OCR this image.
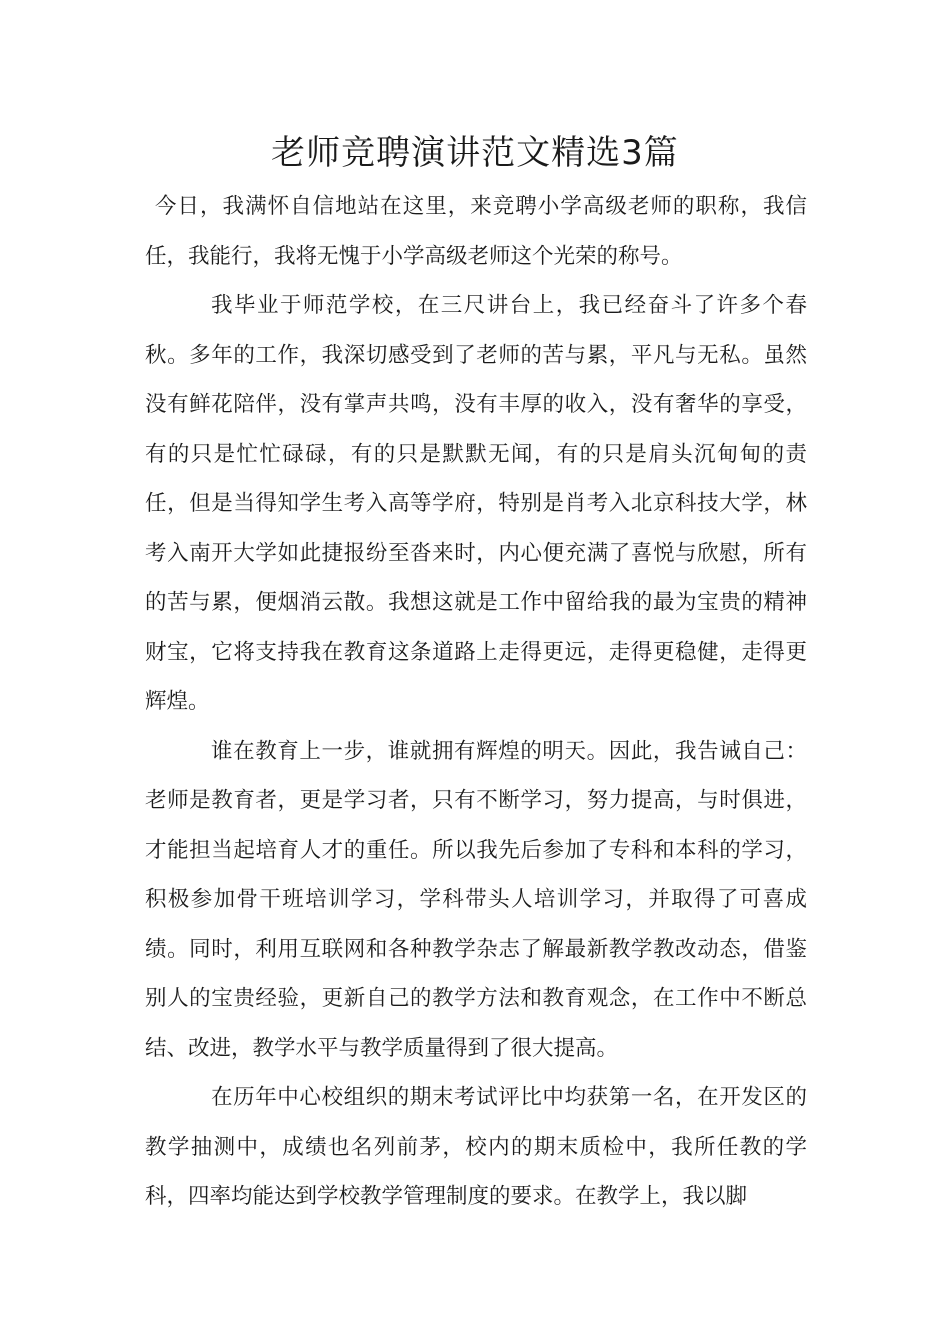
老师竞聘演讲范文精选3篇

今日，我满怀自信地站在这里，来竞聘小学高级老师的职称，我信任，我能行，我将无愧于小学高级老师这个光荣的称号。

我毕业于师范学校，在三尺讲台上，我已经奋斗了许多个春秋。多年的工作，我深切感受到了老师的苦与累，平凡与无私。虽然没有鲜花陪伴，没有掌声共鸣，没有丰厚的收入，没有奢华的享受，有的只是忙忙碌碌，有的只是默默无闻，有的只是肩头沉甸甸的责任，但是当得知学生考入高等学府，特别是肖考入北京科技大学，林考入南开大学如此捷报纷至沓来时，内心便充满了喜悦与欣慰，所有的苦与累，便烟消云散。我想这就是工作中留给我的最为宝贵的精神财宝，它将支持我在教育这条道路上走得更远，走得更稳健，走得更辉煌。

谁在教育上一步，谁就拥有辉煌的明天。因此，我告诫自己：老师是教育者，更是学习者，只有不断学习，努力提高，与时俱进，才能担当起培育人才的重任。所以我先后参加了专科和本科的学习，积极参加骨干班培训学习，学科带头人培训学习，并取得了可喜成绩。同时，利用互联网和各种教学杂志了解最新教学教改动态，借鉴别人的宝贵经验，更新自己的教学方法和教育观念，在工作中不断总结、改进，教学水平与教学质量得到了很大提高。

在历年中心校组织的期末考试评比中均获第一名，在开发区的教学抽测中，成绩也名列前茅，校内的期末质检中，我所任教的学科，四率均能达到学校教学管理制度的要求。在教学上，我以脚
